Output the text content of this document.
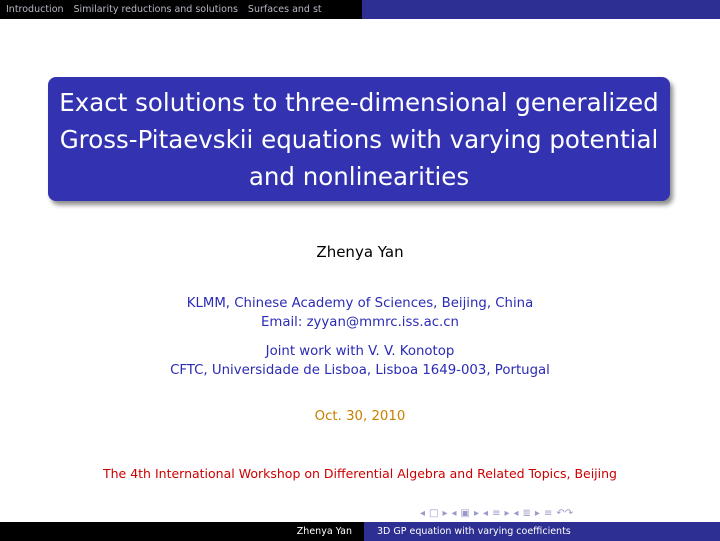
Introduction	Similarity reductions and solutions	Surfaces and st
Exact solutions to three-dimensional generalized
Gross-Pitaevskii equations with varying potential
and nonlinearities
Zhenya Yan
KLMM, Chinese Academy of Sciences, Beijing, China
Email: zyyan@mmrc.iss.ac.cn
Joint work with V. V. Konotop
CFTC, Universidade de Lisboa, Lisboa 1649-003, Portugal
Oct. 30, 2010
The 4th International Workshop on Differential Algebra and Related Topics, Beijing
◂ □ ▸ ◂ ▣ ▸ ◂ ≡ ▸ ◂ ≣ ▸ ≡ ↶↷
Zhenya Yan	3D GP equation with varying coefficients
